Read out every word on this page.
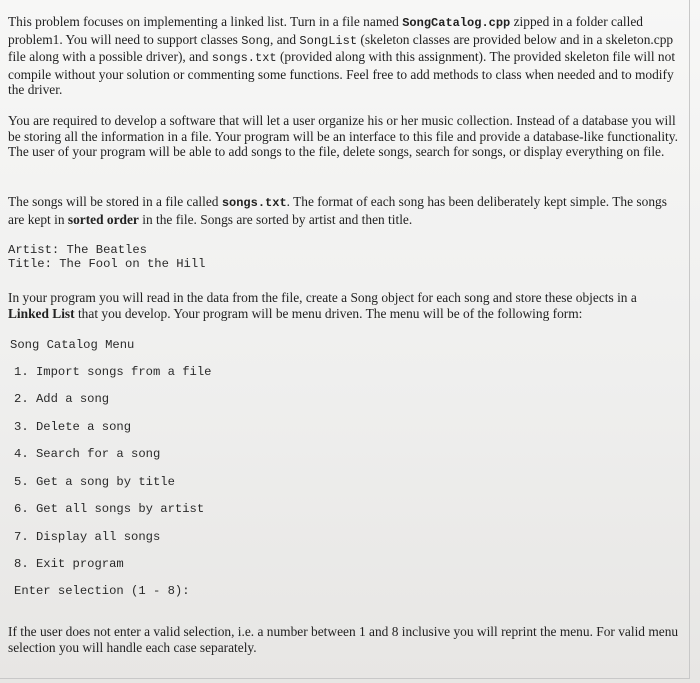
This problem focuses on implementing a linked list. Turn in a file named SongCatalog.cpp zipped in a folder called problem1. You will need to support classes Song, and SongList (skeleton classes are provided below and in a skeleton.cpp file along with a possible driver), and songs.txt (provided along with this assignment). The provided skeleton file will not compile without your solution or commenting some functions. Feel free to add methods to class when needed and to modify the driver.

You are required to develop a software that will let a user organize his or her music collection. Instead of a database you will be storing all the information in a file. Your program will be an interface to this file and provide a database-like functionality. The user of your program will be able to add songs to the file, delete songs, search for songs, or display everything on file.

The songs will be stored in a file called songs.txt. The format of each song has been deliberately kept simple. The songs are kept in sorted order in the file. Songs are sorted by artist and then title.

Artist: The Beatles
Title: The Fool on the Hill

In your program you will read in the data from the file, create a Song object for each song and store these objects in a Linked List that you develop. Your program will be menu driven. The menu will be of the following form:

Song Catalog Menu
1. Import songs from a file
2. Add a song
3. Delete a song
4. Search for a song
5. Get a song by title
6. Get all songs by artist
7. Display all songs
8. Exit program
Enter selection (1 - 8):

If the user does not enter a valid selection, i.e. a number between 1 and 8 inclusive you will reprint the menu. For valid menu selection you will handle each case separately.
